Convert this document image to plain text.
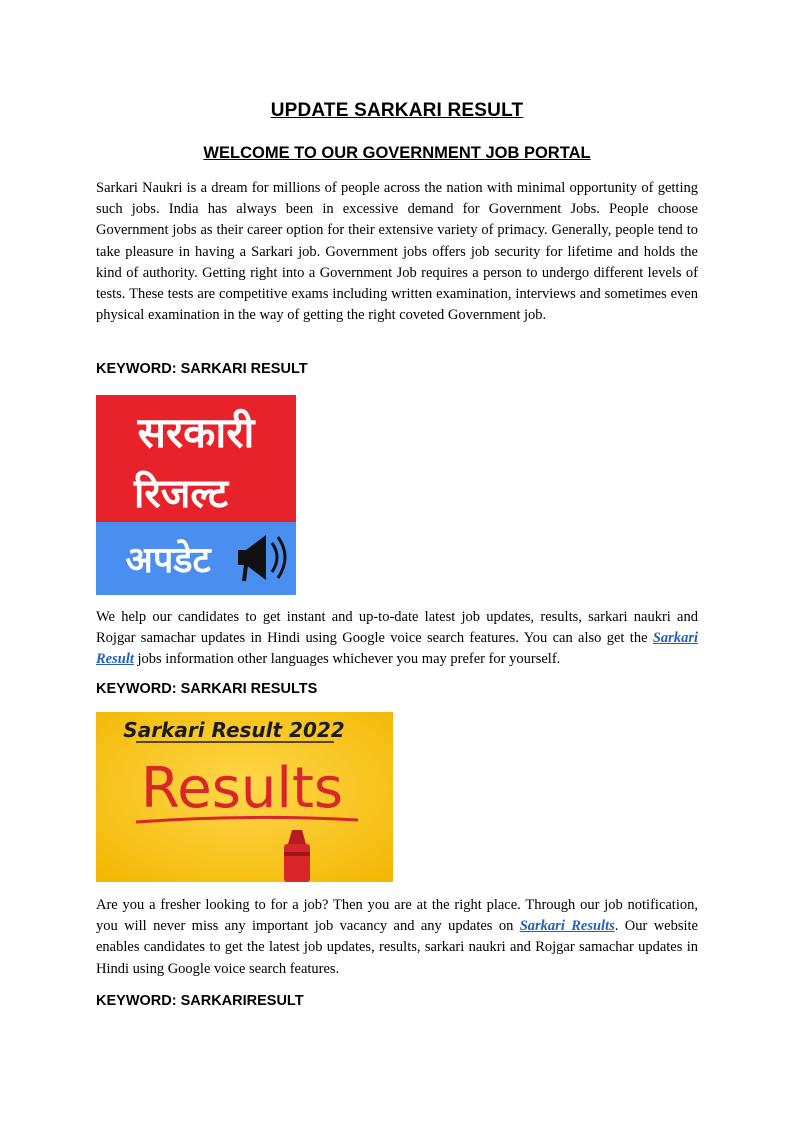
UPDATE SARKARI RESULT
WELCOME TO OUR GOVERNMENT JOB PORTAL

Sarkari Naukri is a dream for millions of people across the nation with minimal opportunity of getting such jobs. India has always been in excessive demand for Government Jobs. People choose Government jobs as their career option for their extensive variety of primacy. Generally, people tend to take pleasure in having a Sarkari job. Government jobs offers job security for lifetime and holds the kind of authority. Getting right into a Government Job requires a person to undergo different levels of tests. These tests are competitive exams including written examination, interviews and sometimes even physical examination in the way of getting the right coveted Government job.

KEYWORD: SARKARI RESULT
सरकारी
रिजल्ट
अपडेट

We help our candidates to get instant and up-to-date latest job updates, results, sarkari naukri and Rojgar samachar updates in Hindi using Google voice search features. You can also get the Sarkari Result jobs information other languages whichever you may prefer for yourself.

KEYWORD: SARKARI RESULTS
Sarkari Result 2022
Results

Are you a fresher looking to for a job? Then you are at the right place. Through our job notification, you will never miss any important job vacancy and any updates on Sarkari Results. Our website enables candidates to get the latest job updates, results, sarkari naukri and Rojgar samachar updates in Hindi using Google voice search features.

KEYWORD: SARKARIRESULT
